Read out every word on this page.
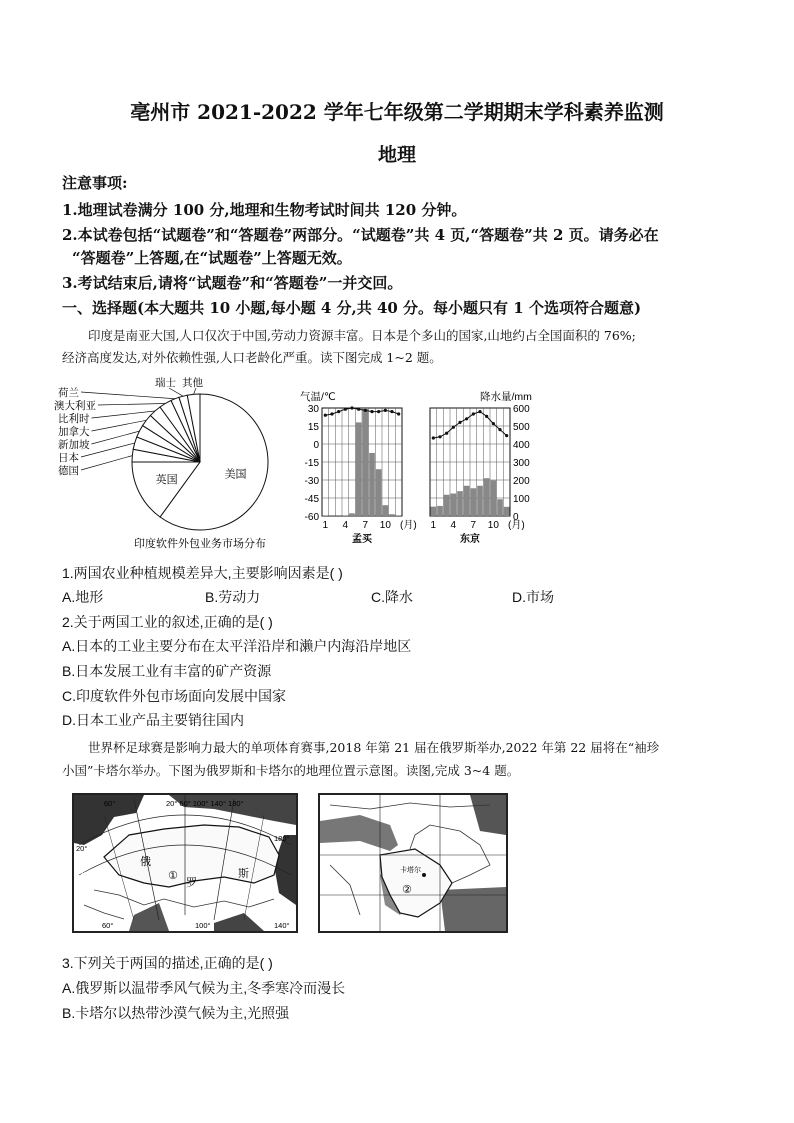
亳州市 2021-2022 学年七年级第二学期期末学科素养监测
地理
注意事项:
1.地理试卷满分 100 分,地理和生物考试时间共 120 分钟。
2.本试卷包括“试题卷”和“答题卷”两部分。“试题卷”共 4 页,“答题卷”共 2 页。请务必在
“答题卷”上答题,在“试题卷”上答题无效。
3.考试结束后,请将“试题卷”和“答题卷”一并交回。
一、选择题(本大题共 10 小题,每小题 4 分,共 40 分。每小题只有 1 个选项符合题意)
印度是南亚大国,人口仅次于中国,劳动力资源丰富。日本是个多山的国家,山地约占全国面积的 76%;
经济高度发达,对外依赖性强,人口老龄化严重。读下图完成 1~2 题。
美国
英国
德国
日本
新加坡
加拿大
比利时
澳大利亚
荷兰
瑞士 其他
印度软件外包业务市场分布
1 4 7 10 (月)
孟买
30
15
0
-15
-30
-45
-60
气温/℃
1 4 7 10 (月)
东京
600
500
400
300
200
100
0
降水量/mm
1.两国农业种植规模差异大,主要影响因素是( )
A.地形	B.劳动力	C.降水	D.市场
2.关于两国工业的叙述,正确的是( )
A.日本的工业主要分布在太平洋沿岸和濑户内海沿岸地区
B.日本发展工业有丰富的矿产资源
C.印度软件外包市场面向发展中国家
D.日本工业产品主要销往国内
世界杯足球赛是影响力最大的单项体育赛事,2018 年第 21 届在俄罗斯举办,2022 年第 22 届将在“袖珍
小国”卡塔尔举办。下图为俄罗斯和卡塔尔的地理位置示意图。读图,完成 3~4 题。
60°	20° 60° 100° 140° 180°
20°
180°
莫斯科
俄
罗
斯
①
60°	100°	140°
卡塔尔
②
3.下列关于两国的描述,正确的是( )
A.俄罗斯以温带季风气候为主,冬季寒冷而漫长
B.卡塔尔以热带沙漠气候为主,光照强
